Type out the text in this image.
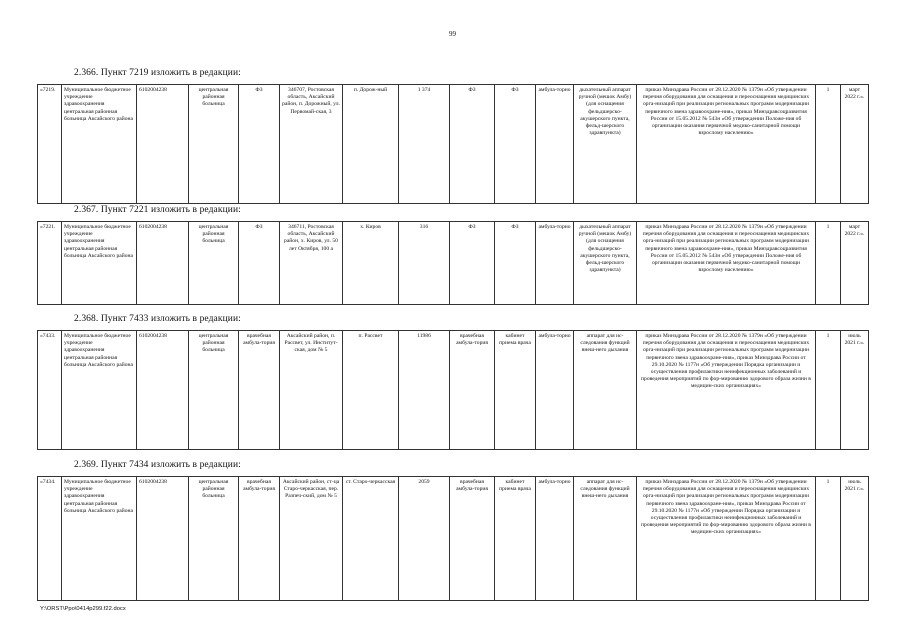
99
2.366. Пункт 7219 изложить в редакции:
«7219.	Муниципальное бюджетное учреждение здравоохранения центральная районная больница Аксайского района	6102004238	центральная районная больница	ФЗ	346707, Ростовская область, Аксайский район, п. Дорожный, ул. Первомай-ская, 3	п. Дорож-ный	1 374	ФЗ	ФЗ	амбула-торно	дыхательный аппарат ручной (мешок Амбу) (для оснащения фельдшерско-акушерского пункта, фельд-шерского здравпункта)	приказ Минздрава России от 28.12.2020 № 1379н «Об утверждении перечня оборудования для оснащения и переоснащения медицинских орга-низаций при реализации региональных программ модернизации первичного звена здравоохране-ния», приказ Минздравсоцразвития России от 15.05.2012 № 543н «Об утверждении Положе-ния об организации оказания первичной медико-санитарной помощи взрослому населению»	1	март 2022 г.».
2.367. Пункт 7221 изложить в редакции:
«7221.	Муниципальное бюджетное учреждение здравоохранения центральная районная больница Аксайского района	6102004238	центральная районная больница	ФЗ	346711, Ростовская область, Аксайский район, х. Киров, ул. 50 лет Октября, 100 а	х. Киров	316	ФЗ	ФЗ	амбула-торно	дыхательный аппарат ручной (мешок Амбу) (для оснащения фельдшерско-акушерского пункта, фельд-шерского здравпункта)	приказ Минздрава России от 28.12.2020 № 1379н «Об утверждении перечня оборудования для оснащения и переоснащения медицинских орга-низаций при реализации региональных программ модернизации первичного звена здравоохране-ния», приказ Минздравсоцразвития России от 15.05.2012 № 543н «Об утверждении Положе-ния об организации оказания первичной медико-санитарной помощи взрослому населению»	1	март 2022 г.».
2.368. Пункт 7433 изложить в редакции:
«7433.	Муниципальное бюджетное учреждение здравоохранения центральная районная больница Аксайского района	6102004238	центральная районная больница	врачебная амбула-тория	Аксайский район, п. Рассвет, ул. Институт-ская, дом № 5	п. Рассвет	11986	врачебная амбула-тория	кабинет приема врача	амбула-торно	аппарат для ис-следования функций внеш-него дыхания	приказ Минздрава России от 28.12.2020 № 1379н «Об утверждении перечня оборудования для оснащения и переоснащения медицинских орга-низаций при реализации региональных программ модернизации первичного звена здравоохране-ния», приказ Минздрава России от 29.10.2020 № 1177н «Об утверждении Порядка организации и осуществления профилактики неинфекционных заболеваний и проведения мероприятий по фор-мированию здорового образа жизни в медицин-ских организациях»	1	июль 2021 г.».
2.369. Пункт 7434 изложить в редакции:
«7434.	Муниципальное бюджетное учреждение здравоохранения центральная районная больница Аксайского района	6102004238	центральная районная больница	врачебная амбула-тория	Аксайский район, ст-ца Старо-черкасская, пер. Разпеч-ский, дом № 5	ст. Старо-черкасская	2059	врачебная амбула-тория	кабинет приема врача	амбула-торно	аппарат для ис-следования функций внеш-него дыхания	приказ Минздрава России от 28.12.2020 № 1379н «Об утверждении перечня оборудования для оснащения и переоснащения медицинских орга-низаций при реализации региональных программ модернизации первичного звена здравоохране-ния», приказ Минздрава России от 29.10.2020 № 1177н «Об утверждении Порядка организации и осуществления профилактики неинфекционных заболеваний и проведения мероприятий по фор-мированию здорового образа жизни в медицин-ских организациях»	1	июль 2021 г.».
Y:\ORST\Ppo\0414p299.f22.docx
